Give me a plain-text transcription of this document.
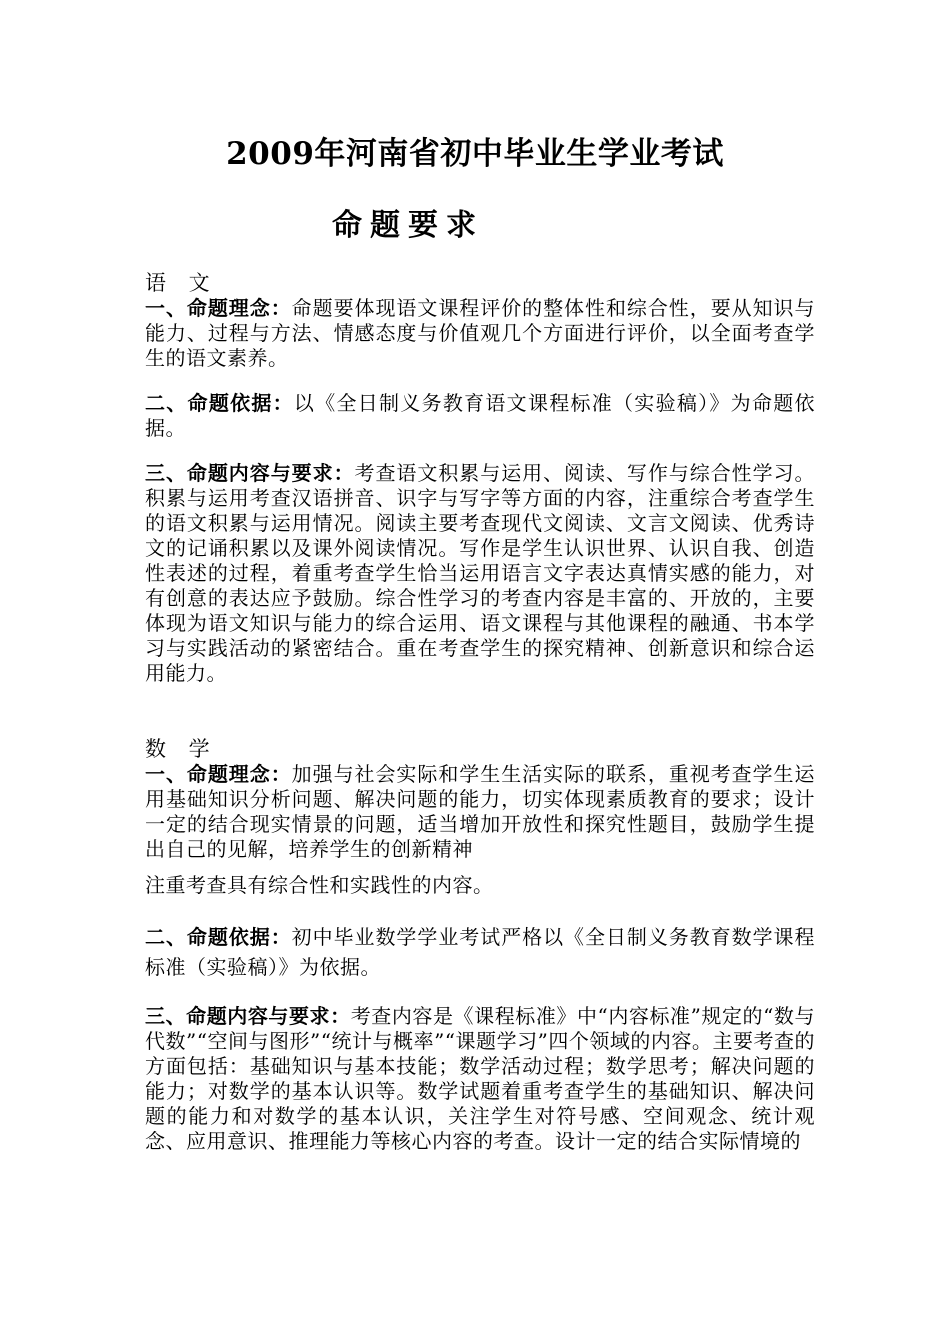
2009年河南省初中毕业生学业考试
命题要求

语 文

一、命题理念：命题要体现语文课程评价的整体性和综合性，要从知识与能力、过程与方法、情感态度与价值观几个方面进行评价，以全面考查学生的语文素养。

二、命题依据：以《全日制义务教育语文课程标准（实验稿）》为命题依据。

三、命题内容与要求：考查语文积累与运用、阅读、写作与综合性学习。积累与运用考查汉语拼音、识字与写字等方面的内容，注重综合考查学生的语文积累与运用情况。阅读主要考查现代文阅读、文言文阅读、优秀诗文的记诵积累以及课外阅读情况。写作是学生认识世界、认识自我、创造性表述的过程，着重考查学生恰当运用语言文字表达真情实感的能力，对有创意的表达应予鼓励。综合性学习的考查内容是丰富的、开放的，主要体现为语文知识与能力的综合运用、语文课程与其他课程的融通、书本学习与实践活动的紧密结合。重在考查学生的探究精神、创新意识和综合运用能力。

数 学

一、命题理念：加强与社会实际和学生生活实际的联系，重视考查学生运用基础知识分析问题、解决问题的能力，切实体现素质教育的要求；设计一定的结合现实情景的问题，适当增加开放性和探究性题目，鼓励学生提出自己的见解，培养学生的创新精神

注重考查具有综合性和实践性的内容。

二、命题依据：初中毕业数学学业考试严格以《全日制义务教育数学课程标准（实验稿）》为依据。

三、命题内容与要求：考查内容是《课程标准》中“内容标准”规定的“数与代数”“空间与图形”“统计与概率”“课题学习”四个领域的内容。主要考查的方面包括：基础知识与基本技能；数学活动过程；数学思考；解决问题的能力；对数学的基本认识等。数学试题着重考查学生的基础知识、解决问题的能力和对数学的基本认识，关注学生对符号感、空间观念、统计观念、应用意识、推理能力等核心内容的考查。设计一定的结合实际情境的
